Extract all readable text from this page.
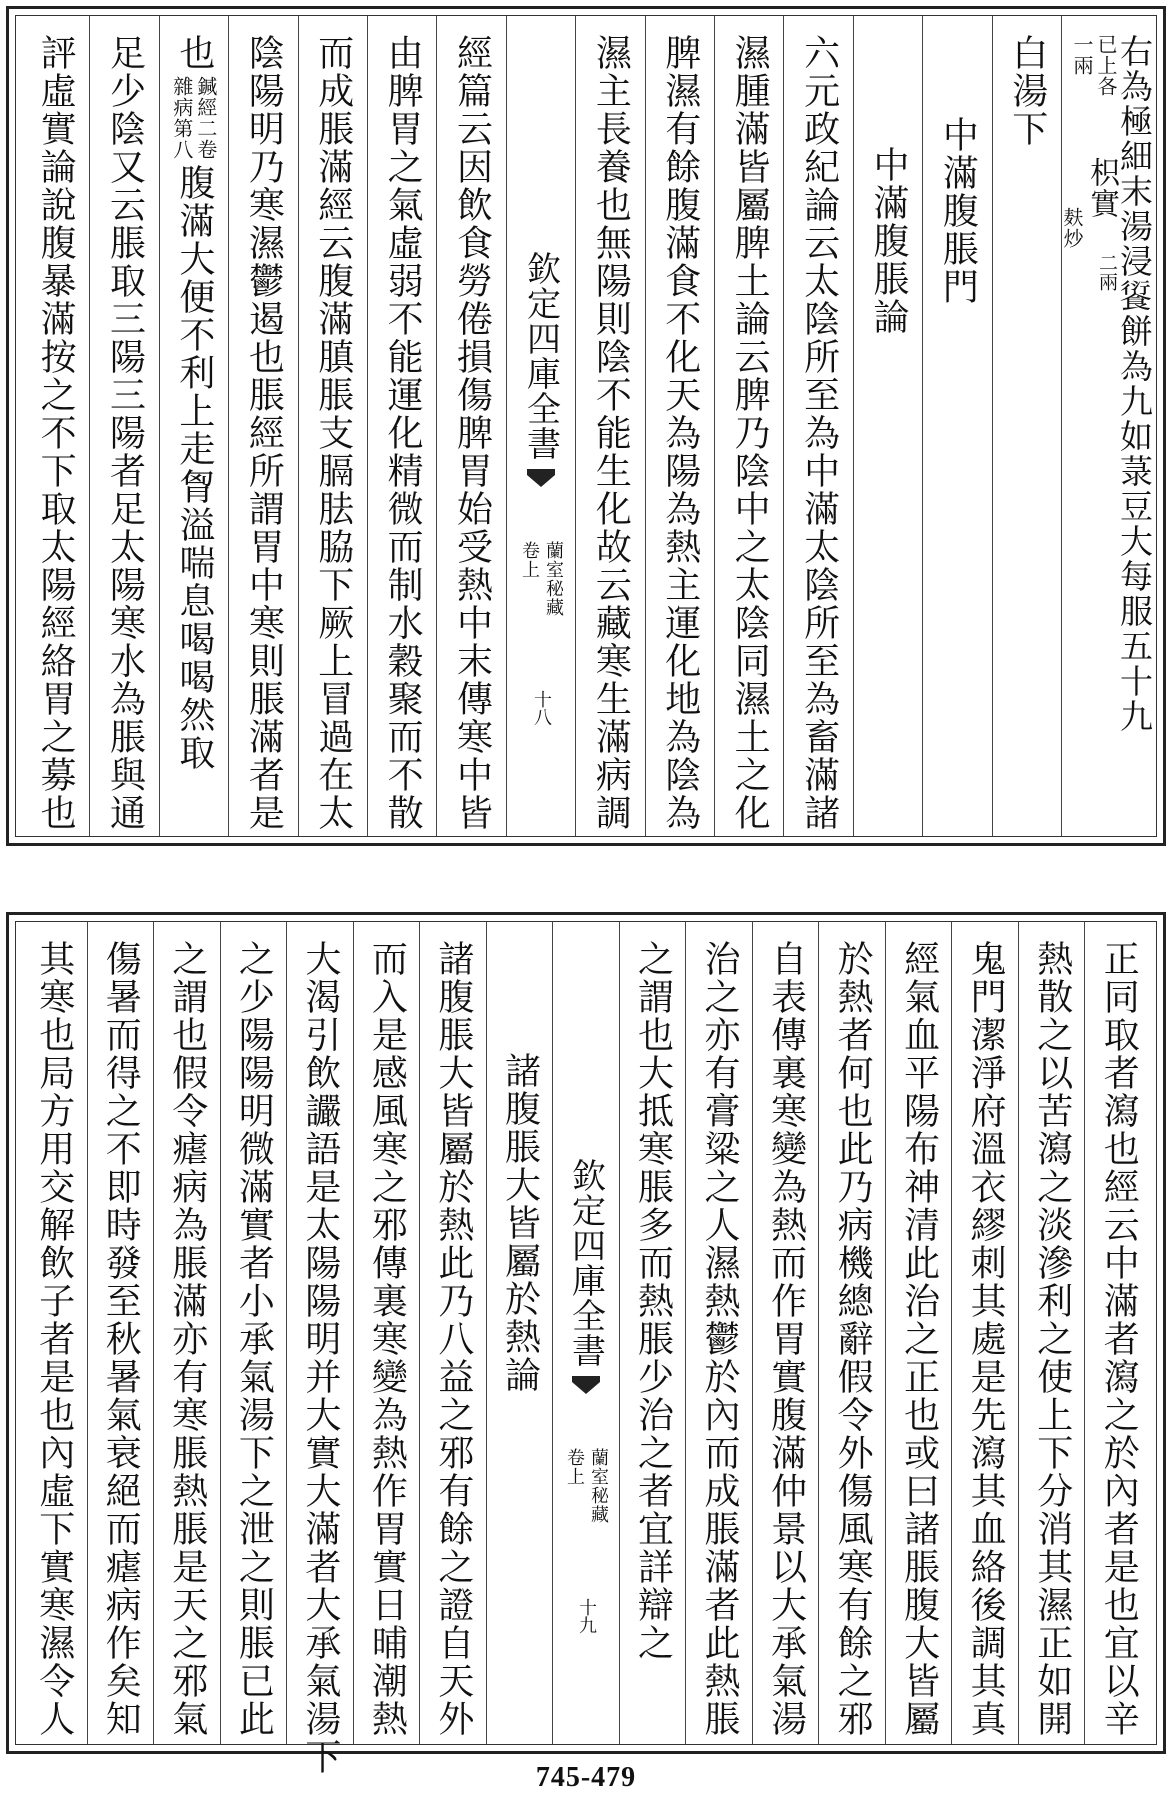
右為極細末湯浸𩜾餅為九如菉豆大每服五十九
已上各
一兩
枳實
麸炒
二兩
白湯下
中滿腹脹門
中滿腹脹論
六元政紀論云太陰所至為中滿太陰所至為畜滿諸
濕腫滿皆屬脾土論云脾乃陰中之太陰同濕土之化
脾濕有餘腹滿食不化天為陽為熱主運化地為陰為
濕主長養也無陽則陰不能生化故云藏寒生滿病調
欽定四庫全書
蘭室秘藏
卷上
十八
經篇云因飲食勞倦損傷脾胃始受熱中末傳寒中皆
由脾胃之氣虛弱不能運化精微而制水穀聚而不散
而成脹滿經云腹滿䐜脹支膈胠脇下厥上冒過在太
陰陽明乃寒濕鬱遏也脹經所謂胃中寒則脹滿者是
也
鍼經二卷
雜病第八
腹滿大便不利上走胷溢喘息喝喝然取
足少陰又云脹取三陽三陽者足太陽寒水為脹與通
評虛實論說腹暴滿按之不下取太陽經絡胃之募也
正同取者瀉也經云中滿者瀉之於內者是也宜以辛
熱散之以苦瀉之淡滲利之使上下分消其濕正如開
鬼門潔淨府溫衣繆刺其處是先瀉其血絡後調其真
經氣血平陽布神清此治之正也或曰諸脹腹大皆屬
於熱者何也此乃病機總辭假令外傷風寒有餘之邪
自表傳裏寒變為熱而作胃實腹滿仲景以大承氣湯
治之亦有膏粱之人濕熱鬱於內而成脹滿者此熱脹
之謂也大抵寒脹多而熱脹少治之者宜詳辯之
欽定四庫全書
蘭室秘藏
卷上
十九
諸腹脹大皆屬於熱論
諸腹脹大皆屬於熱此乃八益之邪有餘之證自天外
而入是感風寒之邪傳裏寒變為熱作胃實日晡潮熱
大渴引飲讝語是太陽陽明并大實大滿者大承氣湯下
之少陽陽明微滿實者小承氣湯下之泄之則脹已此
之謂也假令瘧病為脹滿亦有寒脹熱脹是天之邪氣
傷暑而得之不即時發至秋暑氣衰絕而瘧病作矣知
其寒也局方用交解飲子者是也內虛下實寒濕令人
745-479
